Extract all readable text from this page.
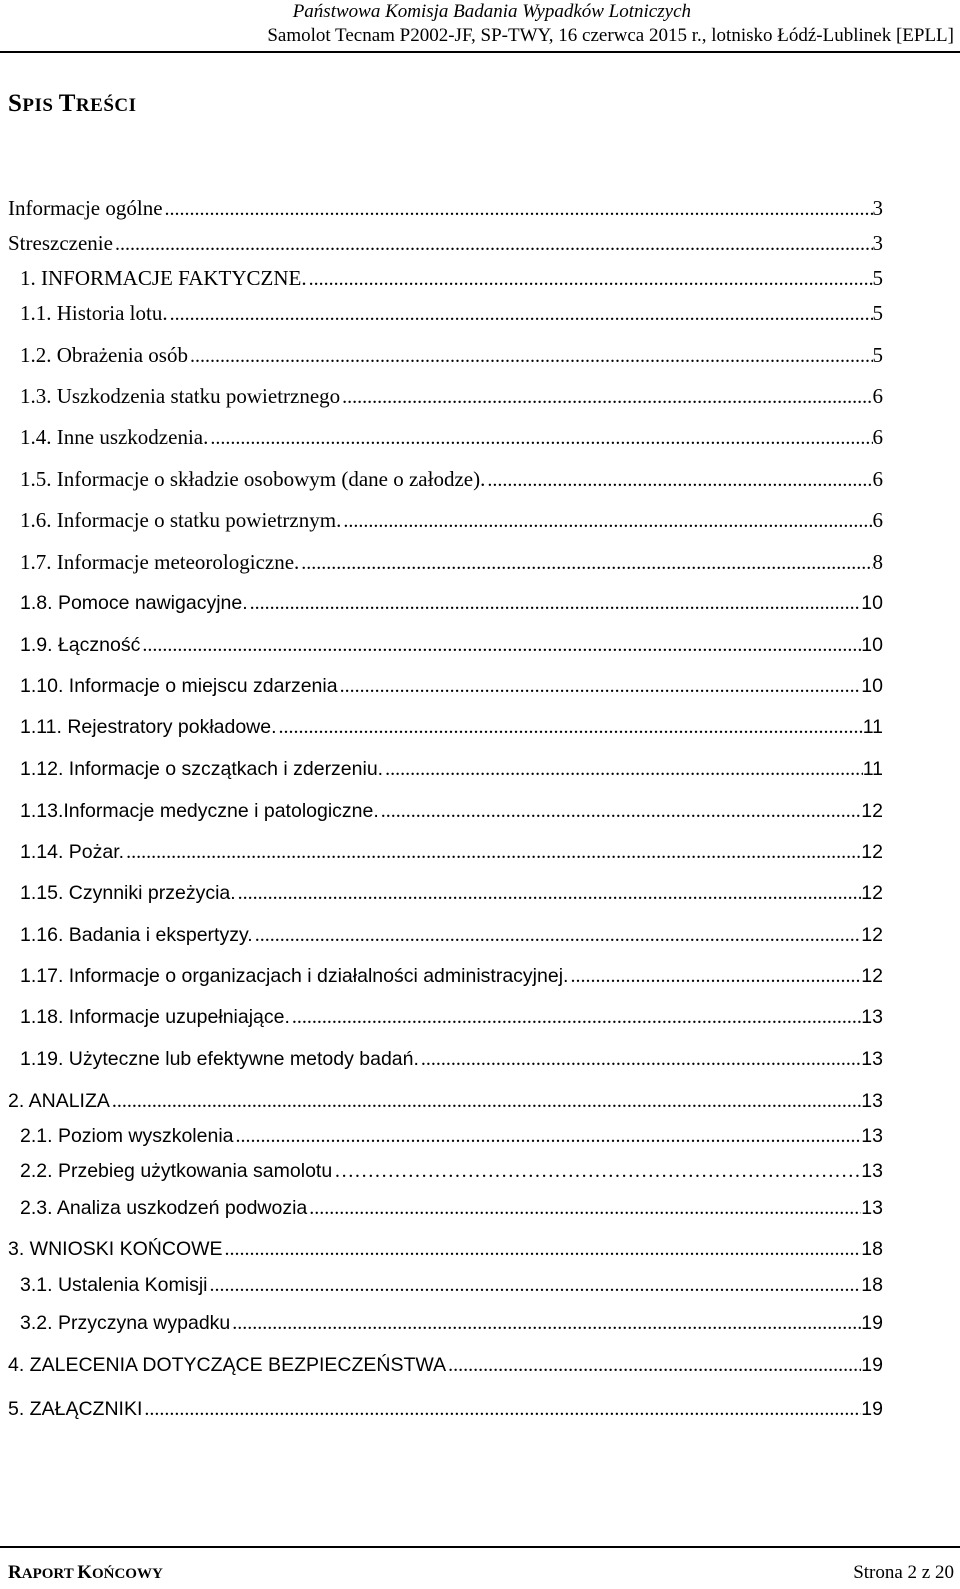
Państwowa Komisja Badania Wypadków Lotniczych
Samolot Tecnam P2002-JF, SP-TWY, 16 czerwca 2015 r., lotnisko Łódź-Lublinek [EPLL]
SPIS TREŚCI
Informacje ogólne .....	3
Streszczenie .....	3
1. INFORMACJE FAKTYCZNE. .....	5
1.1. Historia lotu. .....	5
1.2. Obrażenia osób .....	5
1.3. Uszkodzenia statku powietrznego .....	6
1.4. Inne uszkodzenia. .....	6
1.5. Informacje o składzie osobowym (dane o załodze). .....	6
1.6. Informacje o statku powietrznym. .....	6
1.7. Informacje meteorologiczne. .....	8
1.8. Pomoce nawigacyjne. .....	10
1.9. Łączność .....	10
1.10. Informacje o miejscu zdarzenia .....	10
1.11. Rejestratory pokładowe. .....	11
1.12. Informacje o szczątkach i zderzeniu. .....	11
1.13.Informacje medyczne i patologiczne. .....	12
1.14. Pożar. .....	12
1.15. Czynniki przeżycia. .....	12
1.16. Badania i ekspertyzy. .....	12
1.17. Informacje o organizacjach i działalności administracyjnej. .....	12
1.18. Informacje uzupełniające. .....	13
1.19. Użyteczne lub efektywne metody badań. .....	13
2. ANALIZA .....	13
2.1. Poziom wyszkolenia .....	13
2.2. Przebieg użytkowania samolotu …………………………………………………………………………………………………………………………	13
2.3. Analiza uszkodzeń podwozia .....	13
3. WNIOSKI KOŃCOWE .....	18
3.1. Ustalenia Komisji .....	18
3.2. Przyczyna wypadku .....	19
4. ZALECENIA DOTYCZĄCE BEZPIECZEŃSTWA .....	19
5. ZAŁĄCZNIKI .....	19
RAPORT KOŃCOWY	Strona 2 z 20
